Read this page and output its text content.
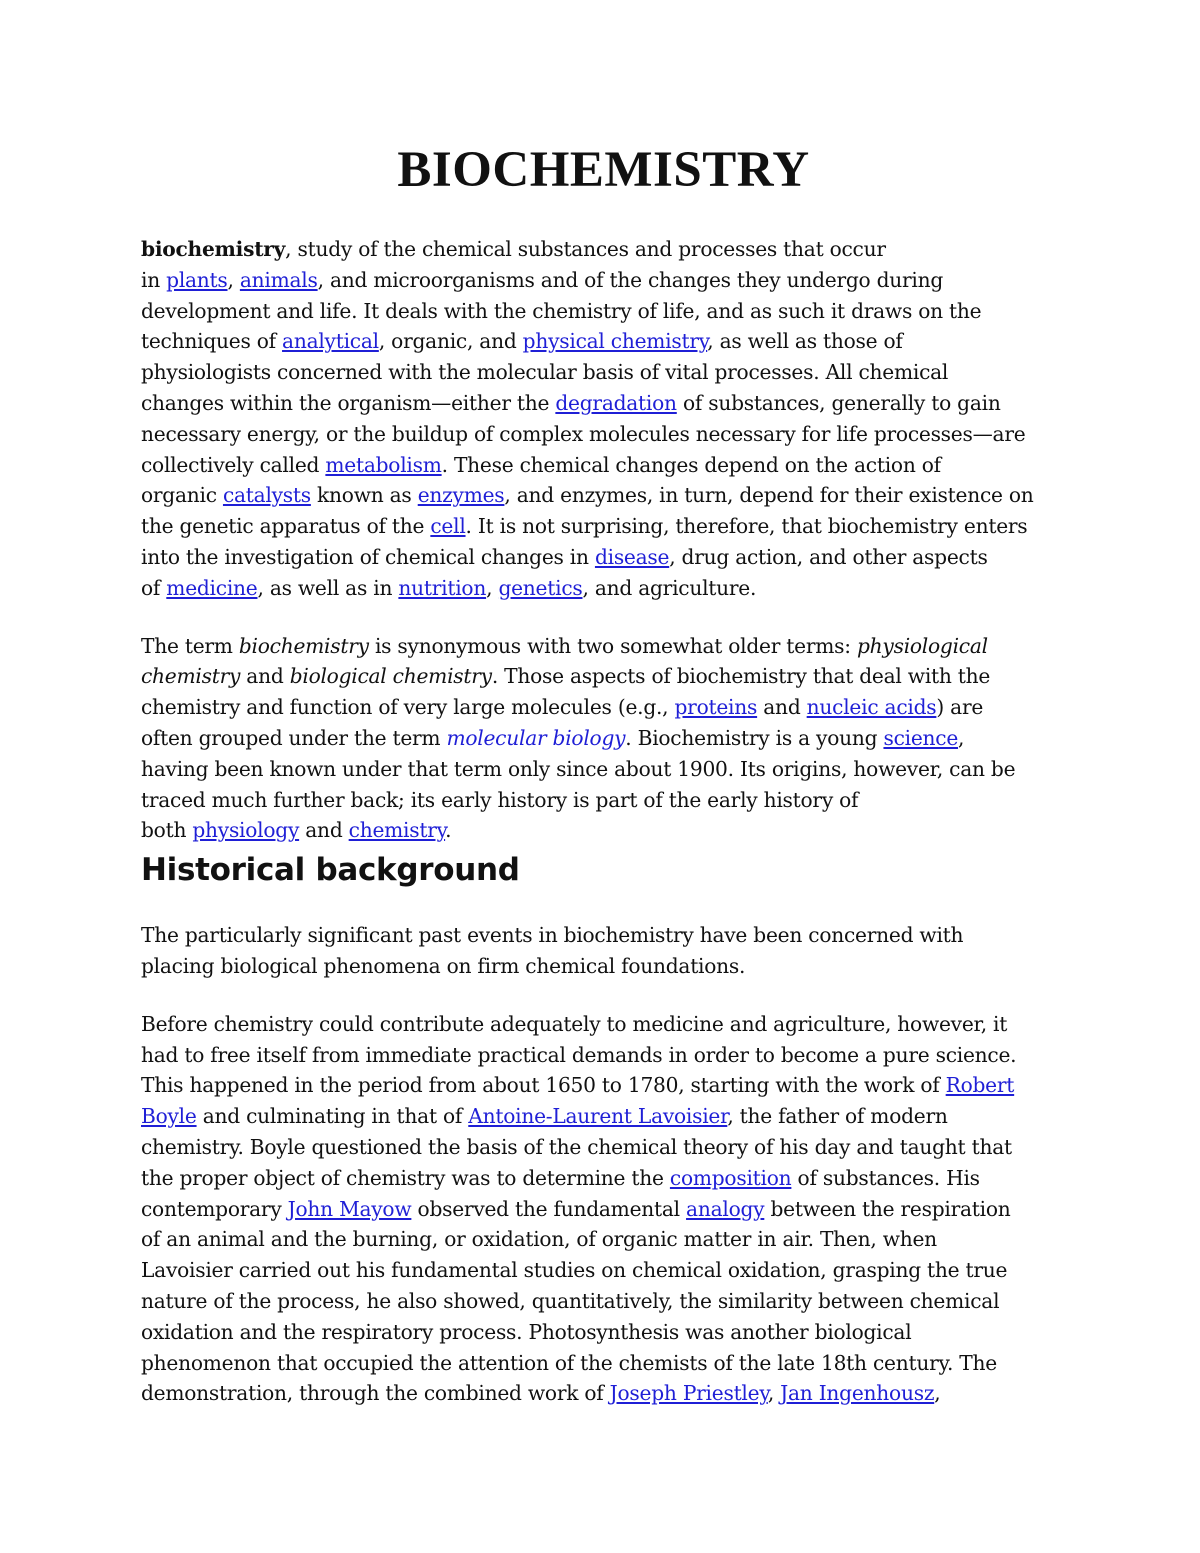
BIOCHEMISTRY

biochemistry, study of the chemical substances and processes that occur
in plants, animals, and microorganisms and of the changes they undergo during
development and life. It deals with the chemistry of life, and as such it draws on the
techniques of analytical, organic, and physical chemistry, as well as those of
physiologists concerned with the molecular basis of vital processes. All chemical
changes within the organism—either the degradation of substances, generally to gain
necessary energy, or the buildup of complex molecules necessary for life processes—are
collectively called metabolism. These chemical changes depend on the action of
organic catalysts known as enzymes, and enzymes, in turn, depend for their existence on
the genetic apparatus of the cell. It is not surprising, therefore, that biochemistry enters
into the investigation of chemical changes in disease, drug action, and other aspects
of medicine, as well as in nutrition, genetics, and agriculture.

The term biochemistry is synonymous with two somewhat older terms: physiological
chemistry and biological chemistry. Those aspects of biochemistry that deal with the
chemistry and function of very large molecules (e.g., proteins and nucleic acids) are
often grouped under the term molecular biology. Biochemistry is a young science,
having been known under that term only since about 1900. Its origins, however, can be
traced much further back; its early history is part of the early history of
both physiology and chemistry.

Historical background

The particularly significant past events in biochemistry have been concerned with
placing biological phenomena on firm chemical foundations.

Before chemistry could contribute adequately to medicine and agriculture, however, it
had to free itself from immediate practical demands in order to become a pure science.
This happened in the period from about 1650 to 1780, starting with the work of Robert
Boyle and culminating in that of Antoine-Laurent Lavoisier, the father of modern
chemistry. Boyle questioned the basis of the chemical theory of his day and taught that
the proper object of chemistry was to determine the composition of substances. His
contemporary John Mayow observed the fundamental analogy between the respiration
of an animal and the burning, or oxidation, of organic matter in air. Then, when
Lavoisier carried out his fundamental studies on chemical oxidation, grasping the true
nature of the process, he also showed, quantitatively, the similarity between chemical
oxidation and the respiratory process. Photosynthesis was another biological
phenomenon that occupied the attention of the chemists of the late 18th century. The
demonstration, through the combined work of Joseph Priestley, Jan Ingenhousz,
